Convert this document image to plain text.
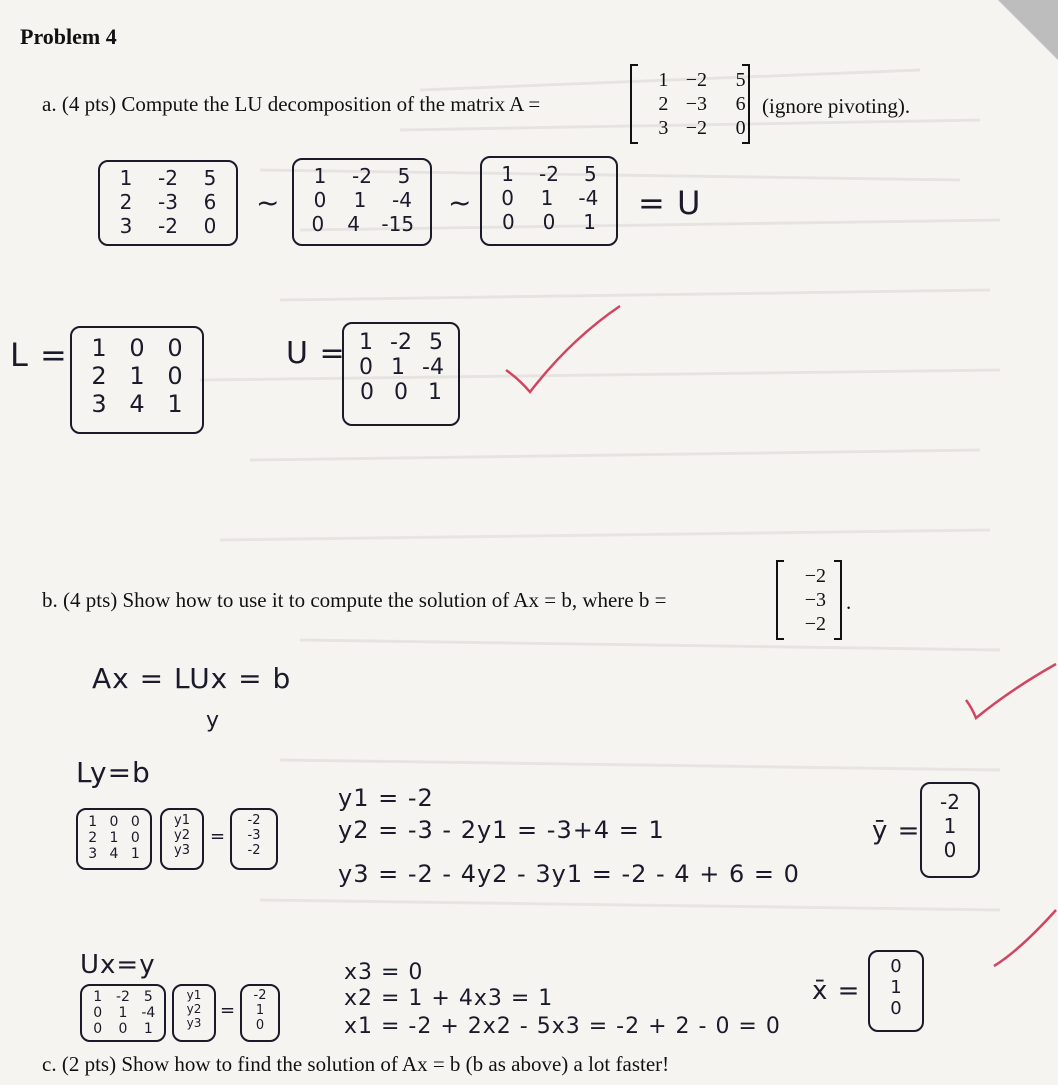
Problem 4
a. (4 pts) Compute the LU decomposition of the matrix A =
1 −2	5
2 −3	6
3 −2	0
(ignore pivoting).
1 -2 5
2 -3 6
3 -2 0
~
1 -2 5
0 1 -4
0 4 -15
~
1 -2 5
0 1 -4
0 0 1 = U
L = 1 0 0
2 1 0
3 4 1
U = 1 -2 5
0 1 -4
0 0 1
b. (4 pts) Show how to use it to compute the solution of Ax = b, where b =
−2
−3
−2
.
Ax = LUx = b
y
Ly=b
1 0 0
2 1 0
3 4 1
y1
y2
y3
=
-2
-3
-2
y1 = -2
y2 = -3 - 2y1 = -3+4 = 1
y3 = -2 - 4y2 - 3y1 = -2 - 4 + 6 = 0
ȳ =
-2
1
0
Ux=y
1 -2 5
0 1 -4
0 0 1
y1
y2
y3
=
-2
1
0
x3 = 0
x2 = 1 + 4x3 = 1
x1 = -2 + 2x2 - 5x3 = -2 + 2 - 0 = 0
x̄ =
0
1
0
c. (2 pts) Show how to find the solution of Ax = b (b as above) a lot faster!
